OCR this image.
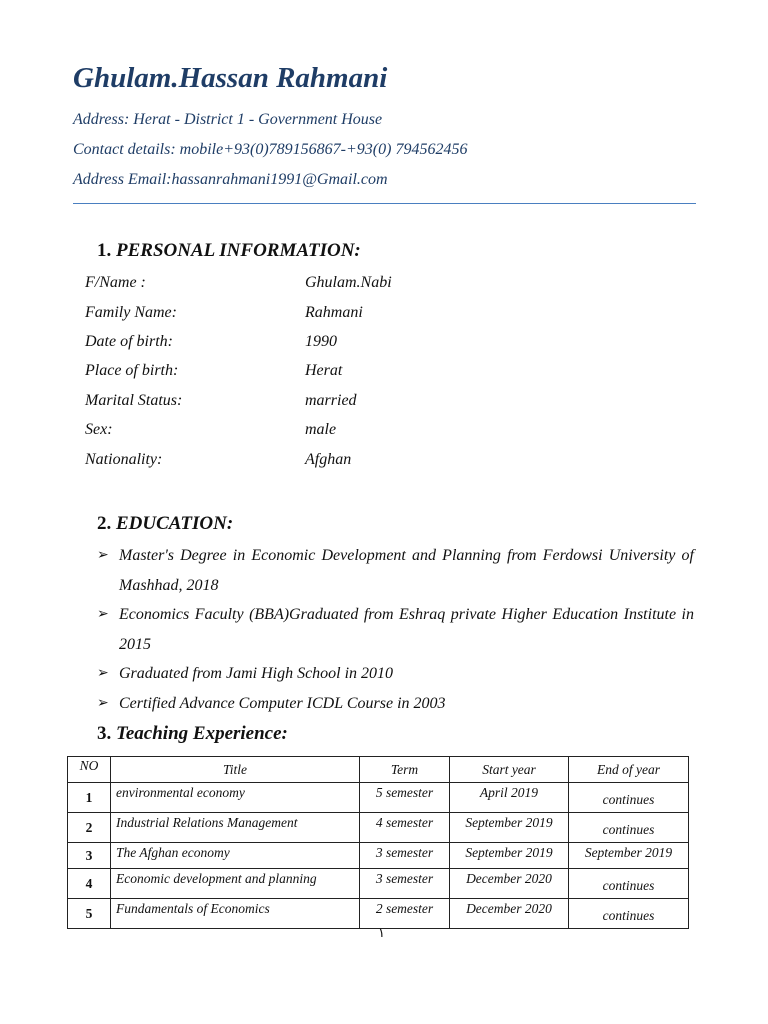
Ghulam.Hassan Rahmani
Address: Herat - District 1 - Government House
Contact details: mobile+93(0)789156867-+93(0) 794562456
Address Email:hassanrahmani1991@Gmail.com
1. PERSONAL INFORMATION:
F/Name :	Ghulam.Nabi
Family Name:	Rahmani
Date of birth:	1990
Place of birth:	Herat
Marital Status:	married
Sex:	male
Nationality:	Afghan
2. EDUCATION:
➢ Master's Degree in Economic Development and Planning from Ferdowsi University of Mashhad, 2018
➢ Economics Faculty (BBA)Graduated from Eshraq private Higher Education Institute in 2015
➢ Graduated from Jami High School in 2010
➢ Certified Advance Computer ICDL Course in 2003
3. Teaching Experience:
NO	Title	Term	Start year	End of year
1	environmental economy	5 semester	April 2019	continues
2	Industrial Relations Management	4 semester	September 2019	continues
3	The Afghan economy	3 semester	September 2019	September 2019
4	Economic development and planning	3 semester	December 2020	continues
5	Fundamentals of Economics	2 semester	December 2020	continues
١
